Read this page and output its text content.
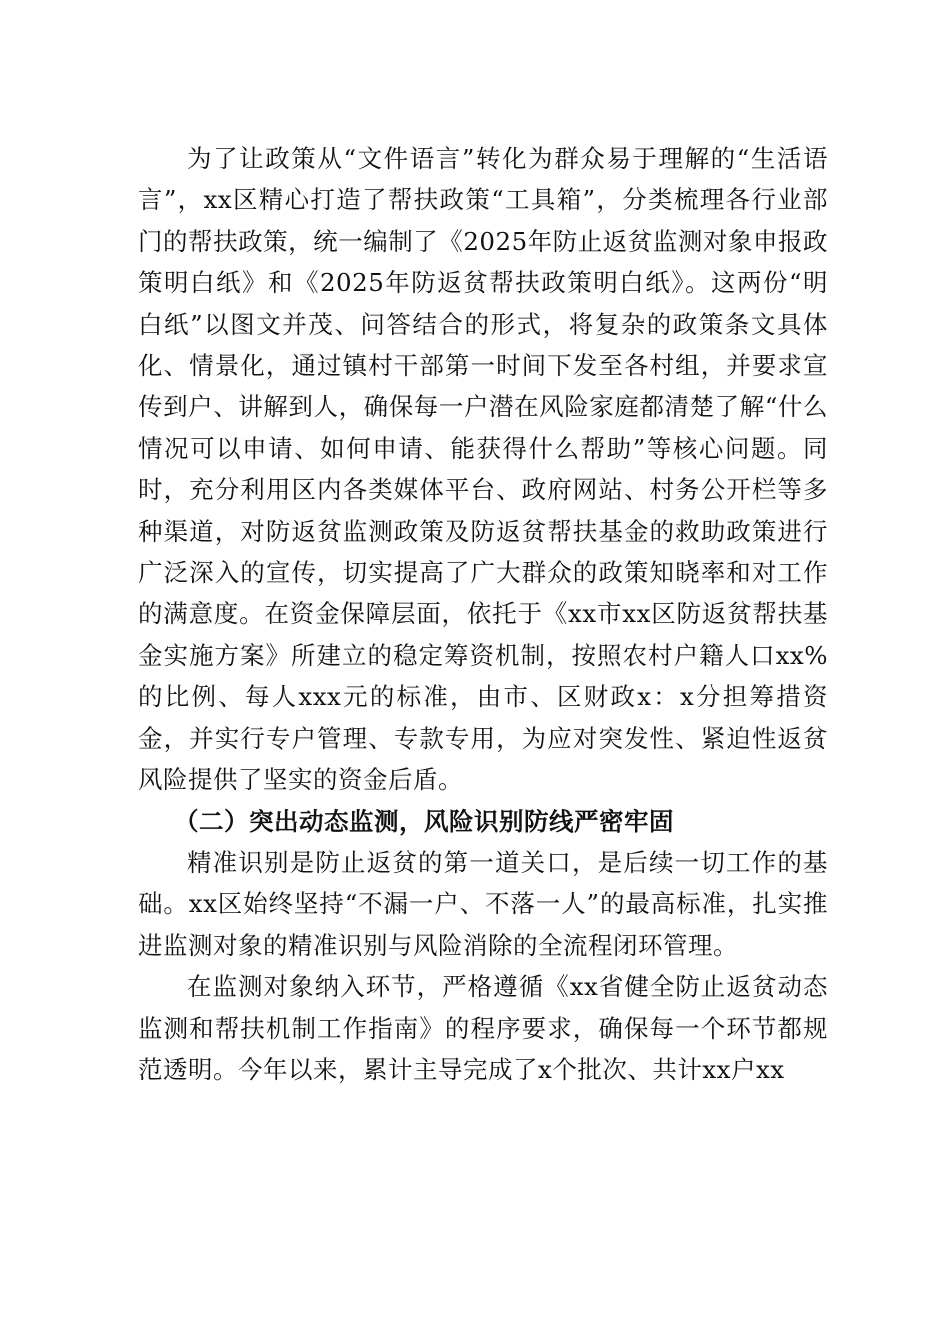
为了让政策从“文件语言”转化为群众易于理解的“生活语言”，xx区精心打造了帮扶政策“工具箱”，分类梳理各行业部门的帮扶政策，统一编制了《2025年防止返贫监测对象申报政策明白纸》和《2025年防返贫帮扶政策明白纸》。这两份“明白纸”以图文并茂、问答结合的形式，将复杂的政策条文具体化、情景化，通过镇村干部第一时间下发至各村组，并要求宣传到户、讲解到人，确保每一户潜在风险家庭都清楚了解“什么情况可以申请、如何申请、能获得什么帮助”等核心问题。同时，充分利用区内各类媒体平台、政府网站、村务公开栏等多种渠道，对防返贫监测政策及防返贫帮扶基金的救助政策进行广泛深入的宣传，切实提高了广大群众的政策知晓率和对工作的满意度。在资金保障层面，依托于《xx市xx区防返贫帮扶基金实施方案》所建立的稳定筹资机制，按照农村户籍人口xx%的比例、每人xxx元的标准，由市、区财政x：x分担筹措资金，并实行专户管理、专款专用，为应对突发性、紧迫性返贫风险提供了坚实的资金后盾。

（二）突出动态监测，风险识别防线严密牢固

精准识别是防止返贫的第一道关口，是后续一切工作的基础。xx区始终坚持“不漏一户、不落一人”的最高标准，扎实推进监测对象的精准识别与风险消除的全流程闭环管理。

在监测对象纳入环节，严格遵循《xx省健全防止返贫动态监测和帮扶机制工作指南》的程序要求，确保每一个环节都规范透明。今年以来，累计主导完成了x个批次、共计xx户xx
